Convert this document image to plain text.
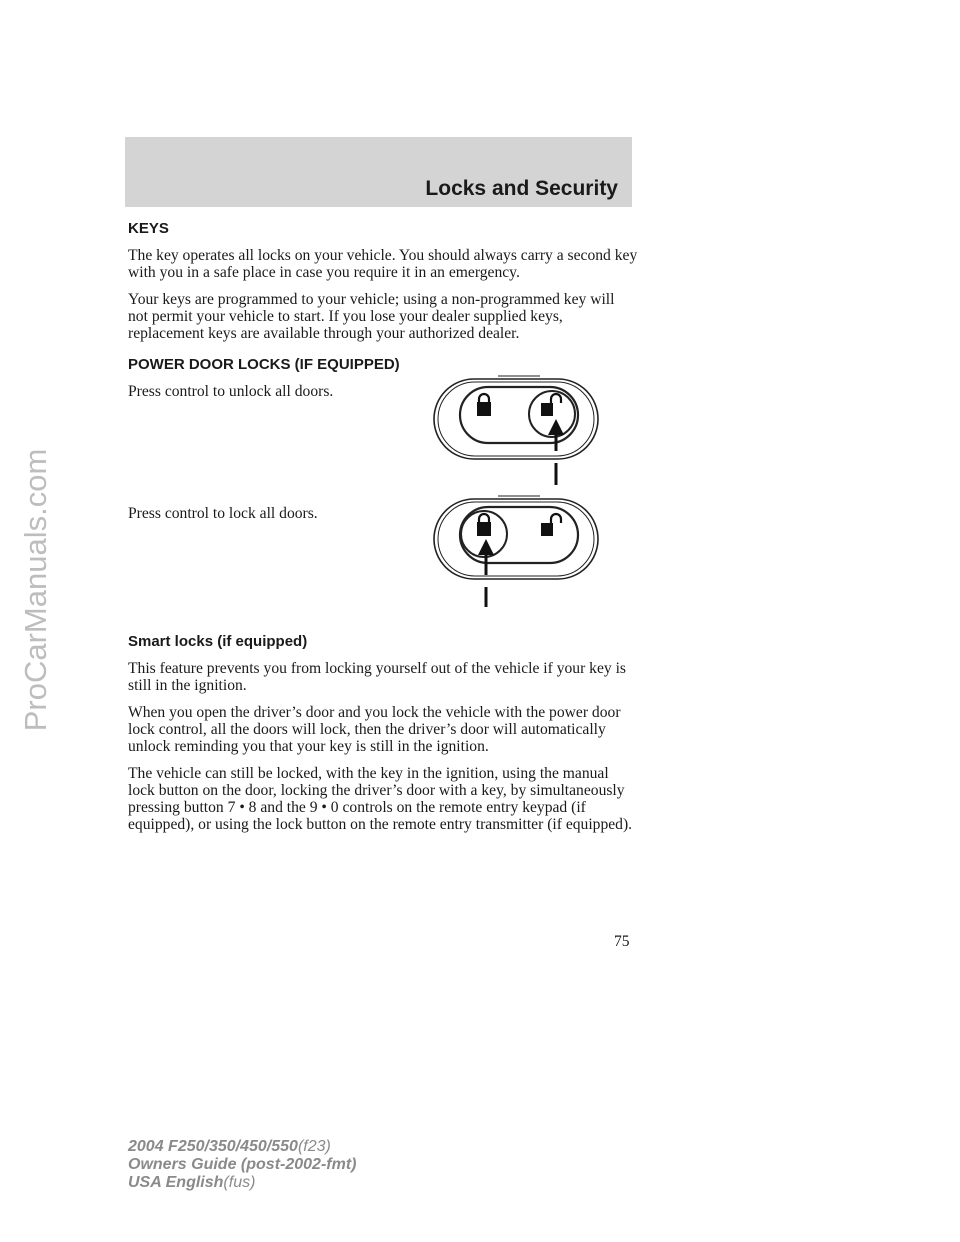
ProCarManuals.com
Locks and Security
KEYS

The key operates all locks on your vehicle. You should always carry a second key with you in a safe place in case you require it in an emergency.

Your keys are programmed to your vehicle; using a non-programmed key will not permit your vehicle to start. If you lose your dealer supplied keys, replacement keys are available through your authorized dealer.

POWER DOOR LOCKS (IF EQUIPPED)
Press control to unlock all doors.
Press control to lock all doors.
Smart locks (if equipped)

This feature prevents you from locking yourself out of the vehicle if your key is still in the ignition.

When you open the driver’s door and you lock the vehicle with the power door lock control, all the doors will lock, then the driver’s door will automatically unlock reminding you that your key is still in the ignition.

The vehicle can still be locked, with the key in the ignition, using the manual lock button on the door, locking the driver’s door with a key, by simultaneously pressing button 7 • 8 and the 9 • 0 controls on the remote entry keypad (if equipped), or using the lock button on the remote entry transmitter (if equipped).

75
2004 F250/350/450/550(f23)
Owners Guide (post-2002-fmt)
USA English(fus)
